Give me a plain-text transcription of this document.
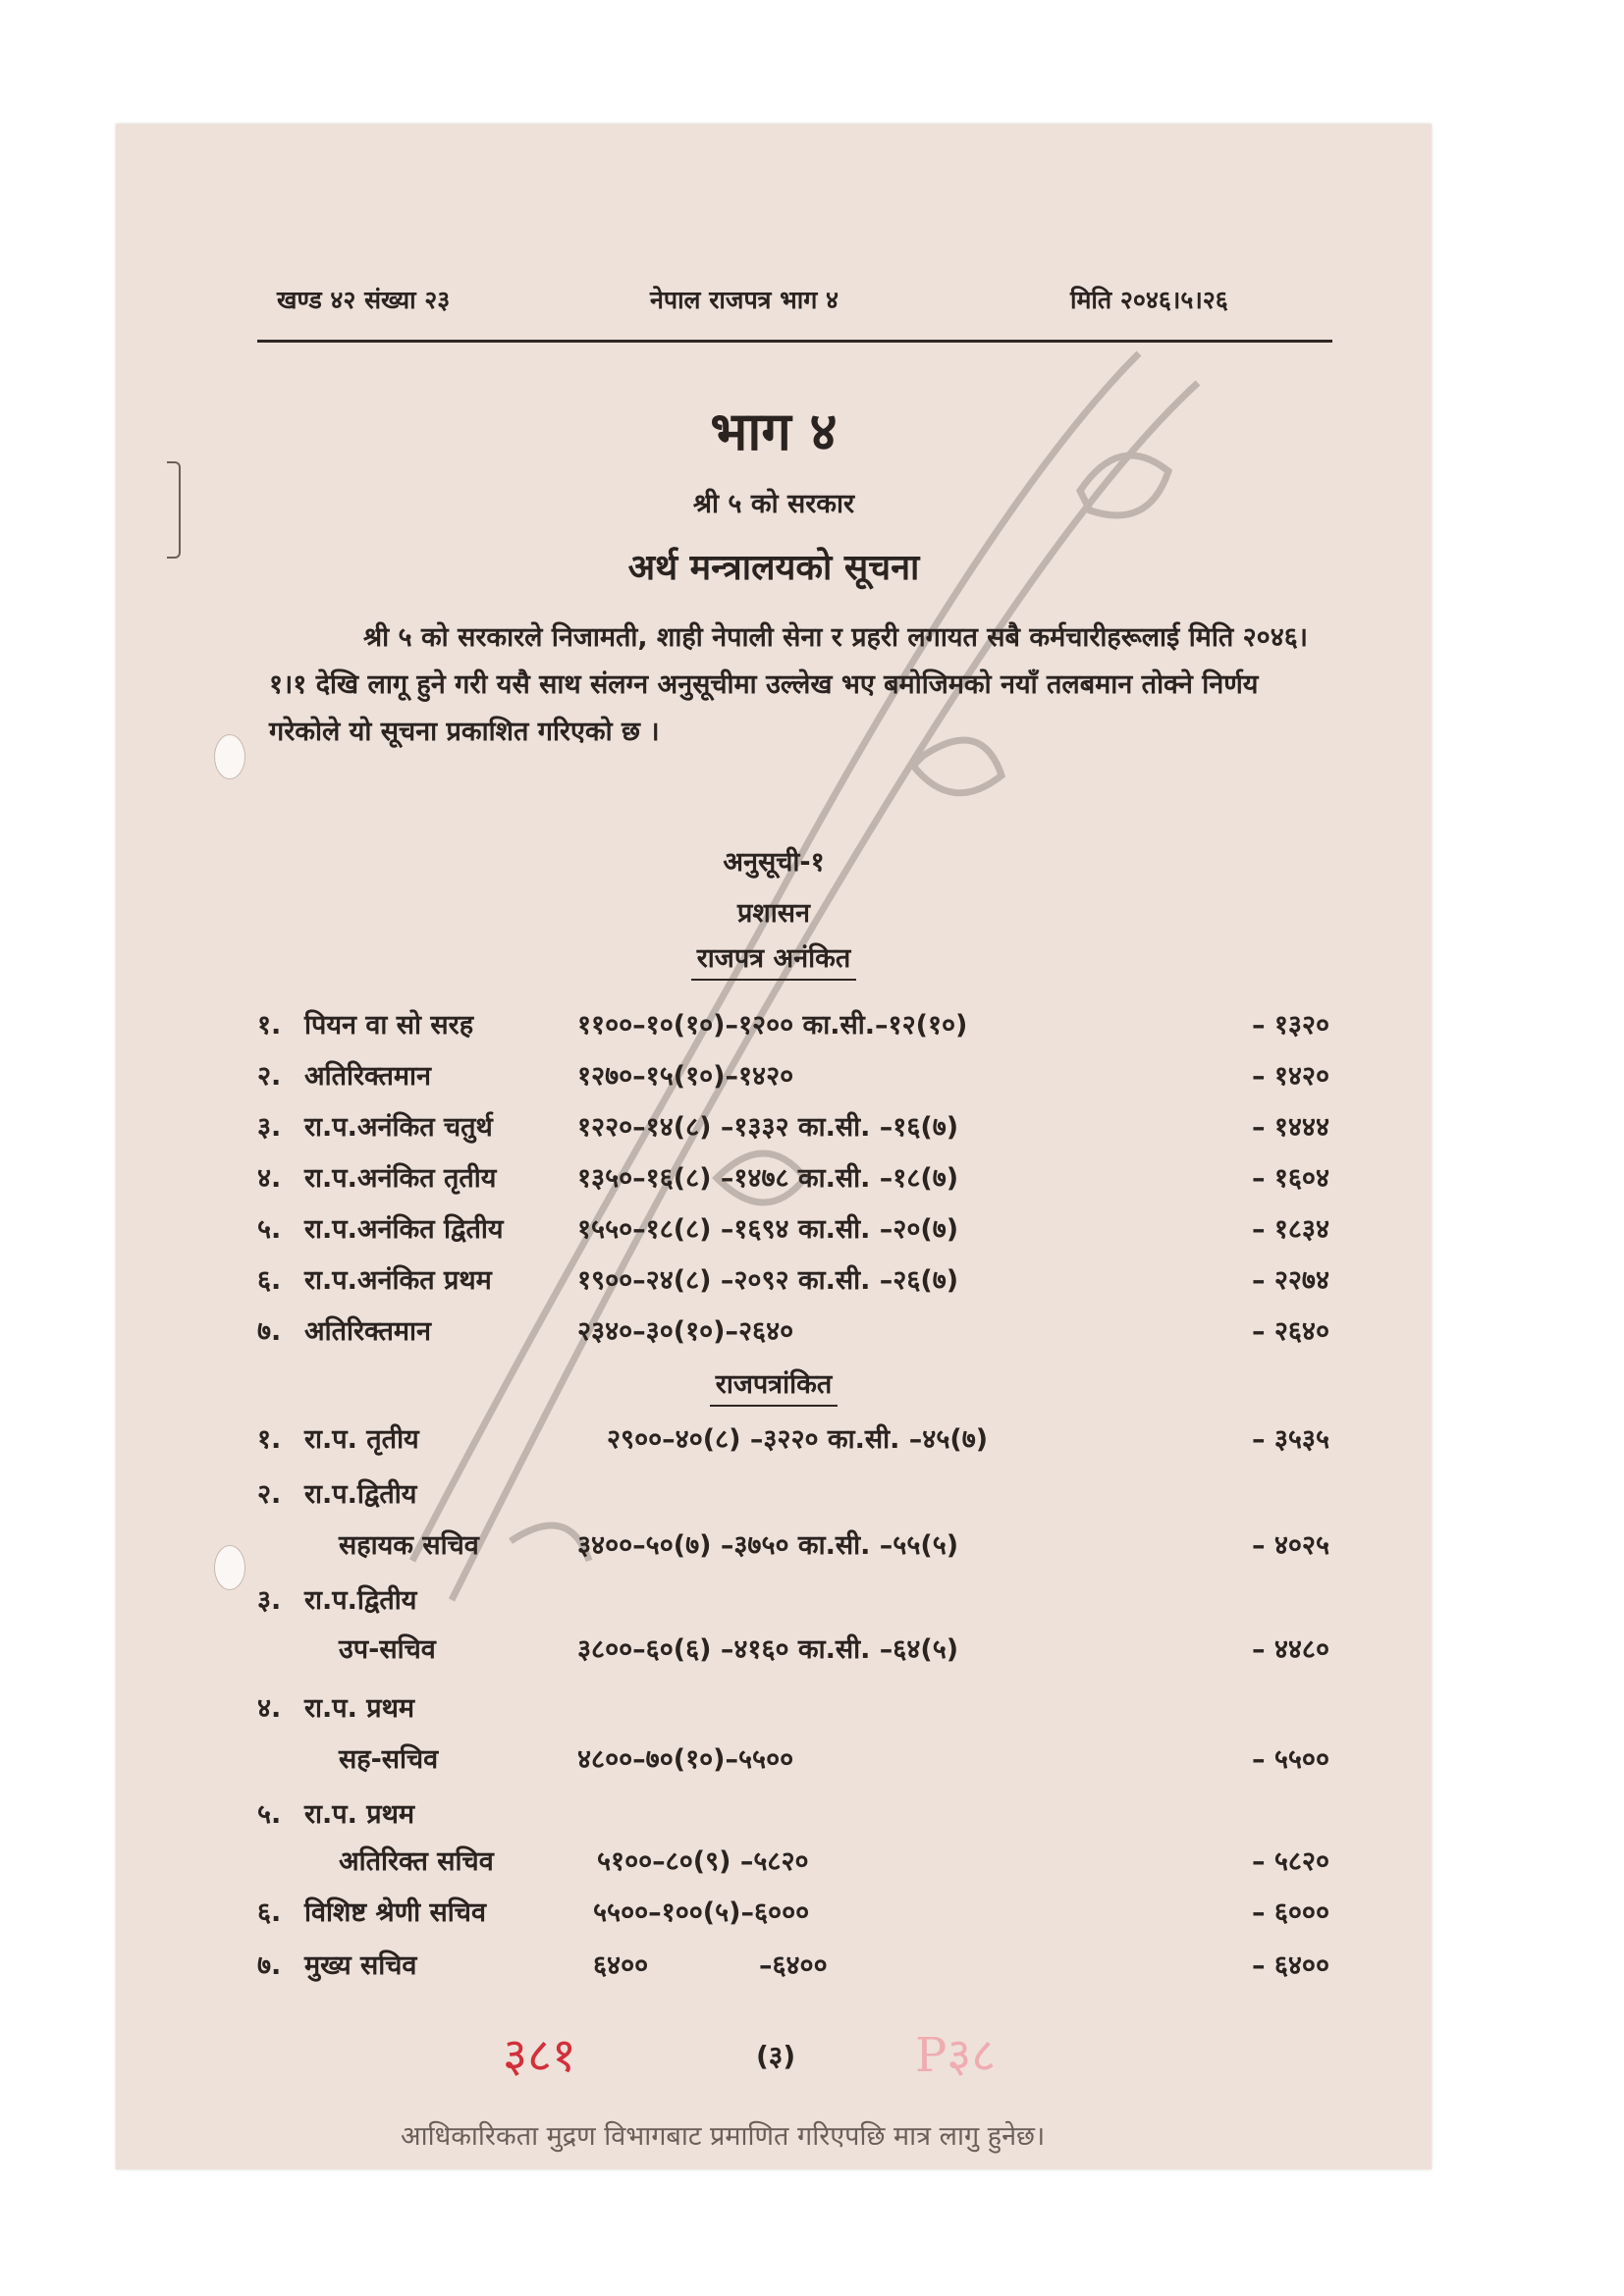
खण्ड ४२ संख्या २३	नेपाल राजपत्र भाग ४	मिति २०४६।५।२६
भाग ४
श्री ५ को सरकार
अर्थ मन्त्रालयको सूचना
श्री ५ को सरकारले निजामती, शाही नेपाली सेना र प्रहरी लगायत सबै कर्मचारीहरूलाई मिति २०४६।१।१ देखि लागू हुने गरी यसै साथ संलग्न अनुसूचीमा उल्लेख भए बमोजिमको नयाँ तलबमान तोक्ने निर्णय गरेकोले यो सूचना प्रकाशित गरिएको छ ।
अनुसूची-१
प्रशासन
राजपत्र अनंकित
१. पियन वा सो सरह	११००–१०(१०)–१२०० का.सी.–१२(१०)	– १३२०
२. अतिरिक्तमान	१२७०–१५(१०)–१४२०	– १४२०
३. रा.प.अनंकित चतुर्थ	१२२०–१४(८) –१३३२ का.सी. –१६(७)	– १४४४
४. रा.प.अनंकित तृतीय	१३५०–१६(८) –१४७८ का.सी. –१८(७)	– १६०४
५. रा.प.अनंकित द्वितीय	१५५०–१८(८) –१६९४ का.सी. –२०(७)	– १८३४
६. रा.प.अनंकित प्रथम	१९००–२४(८) –२०९२ का.सी. –२६(७)	– २२७४
७. अतिरिक्तमान	२३४०–३०(१०)–२६४०	– २६४०
राजपत्रांकित
१. रा.प. तृतीय	२९००–४०(८) –३२२० का.सी. –४५(७)	– ३५३५
२. रा.प.द्वितीय
सहायक सचिव	३४००–५०(७) –३७५० का.सी. –५५(५)	– ४०२५
३. रा.प.द्वितीय
उप-सचिव	३८००–६०(६) –४१६० का.सी. –६४(५)	– ४४८०
४. रा.प. प्रथम
सह-सचिव	४८००–७०(१०)–५५००	– ५५००
५. रा.प. प्रथम
अतिरिक्त सचिव	५१००–८०(९) –५८२०	– ५८२०
६. विशिष्ट श्रेणी सचिव	५५००–१००(५)–६०००	– ६०००
७. मुख्य सचिव	६४००            –६४००	– ६४००
३८१	(३)	P३८
आधिकारिकता मुद्रण विभागबाट प्रमाणित गरिएपछि मात्र लागु हुनेछ।
